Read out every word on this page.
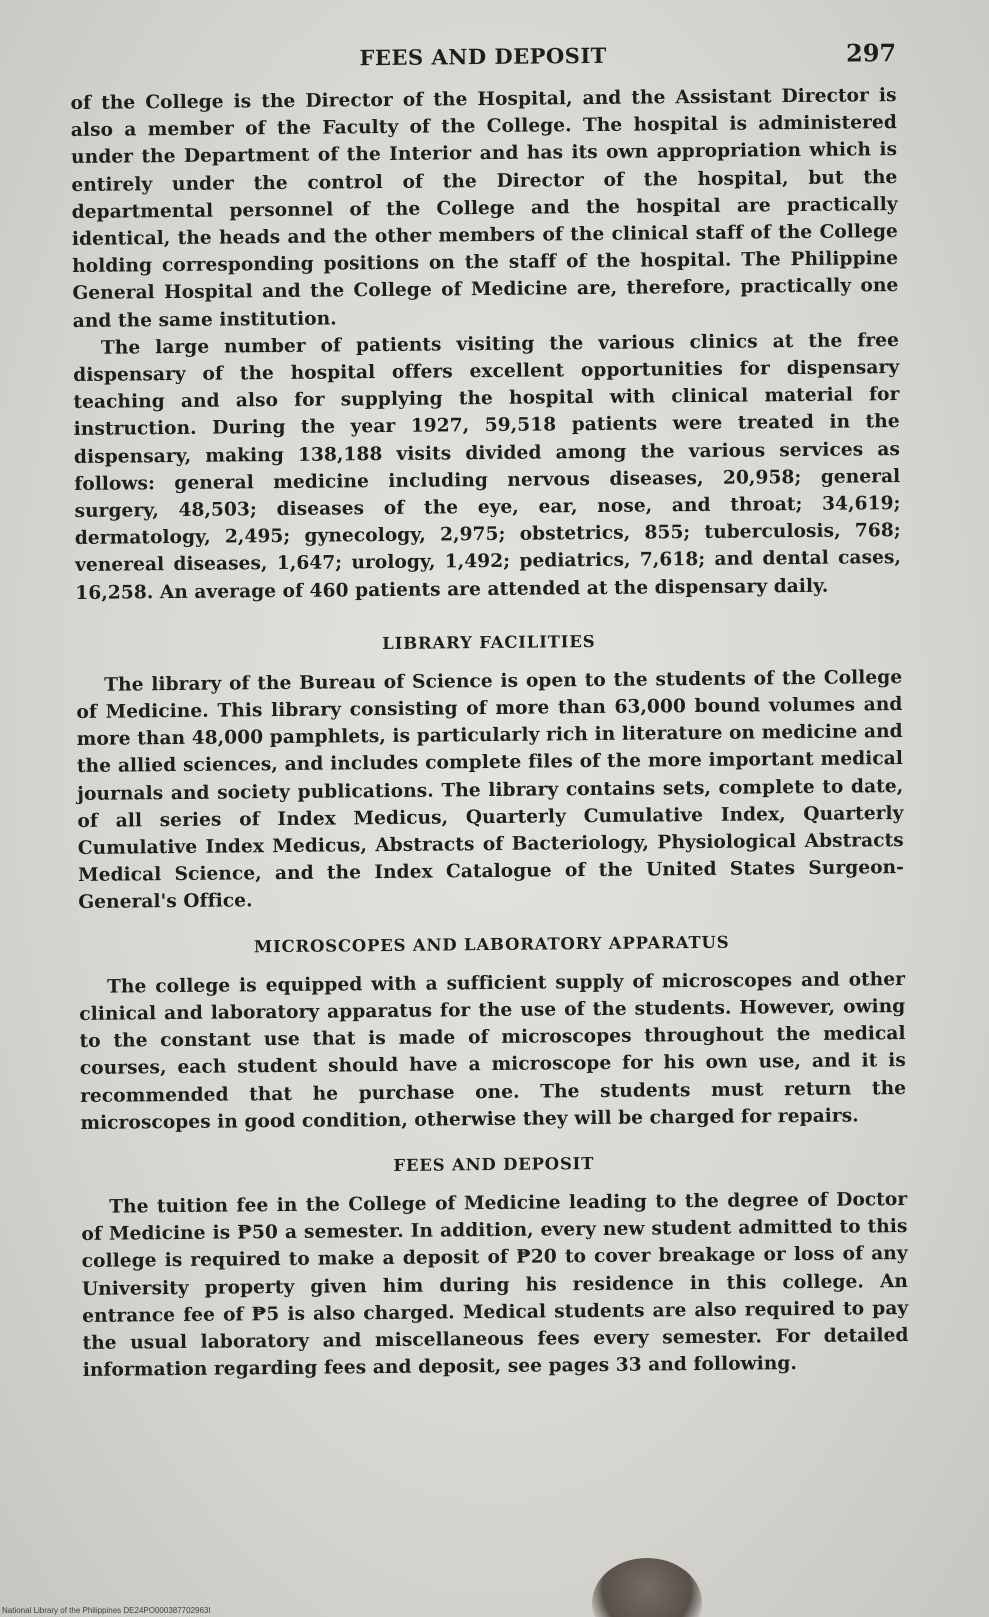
FEES AND DEPOSIT	297

of the College is the Director of the Hospital, and the Assistant Director is also a member of the Faculty of the College. The hospital is administered under the Department of the Interior and has its own appropriation which is entirely under the control of the Director of the hospital, but the departmental personnel of the College and the hospital are practically identical, the heads and the other members of the clinical staff of the College holding corresponding positions on the staff of the hospital. The Philippine General Hospital and the College of Medicine are, therefore, practically one and the same institution.

The large number of patients visiting the various clinics at the free dispensary of the hospital offers excellent opportunities for dispensary teaching and also for supplying the hospital with clinical material for instruction. During the year 1927, 59,518 patients were treated in the dispensary, making 138,188 visits divided among the various services as follows: general medicine including nervous diseases, 20,958; general surgery, 48,503; diseases of the eye, ear, nose, and throat; 34,619; dermatology, 2,495; gynecology, 2,975; obstetrics, 855; tuberculosis, 768; venereal diseases, 1,647; urology, 1,492; pediatrics, 7,618; and dental cases, 16,258. An average of 460 patients are attended at the dispensary daily.

LIBRARY FACILITIES

The library of the Bureau of Science is open to the students of the College of Medicine. This library consisting of more than 63,000 bound volumes and more than 48,000 pamphlets, is particularly rich in literature on medicine and the allied sciences, and includes complete files of the more important medical journals and society publications. The library contains sets, complete to date, of all series of Index Medicus, Quarterly Cumulative Index, Quarterly Cumulative Index Medicus, Abstracts of Bacteriology, Physiological Abstracts Medical Science, and the Index Catalogue of the United States Surgeon-General's Office.

MICROSCOPES AND LABORATORY APPARATUS

The college is equipped with a sufficient supply of microscopes and other clinical and laboratory apparatus for the use of the students. However, owing to the constant use that is made of microscopes throughout the medical courses, each student should have a microscope for his own use, and it is recommended that he purchase one. The students must return the microscopes in good condition, otherwise they will be charged for repairs.

FEES AND DEPOSIT

The tuition fee in the College of Medicine leading to the degree of Doctor of Medicine is ₱50 a semester. In addition, every new student admitted to this college is required to make a deposit of ₱20 to cover breakage or loss of any University property given him during his residence in this college. An entrance fee of ₱5 is also charged. Medical students are also required to pay the usual laboratory and miscellaneous fees every semester. For detailed information regarding fees and deposit, see pages 33 and following.

National Library of the Philippines DE24PO000387702963I
